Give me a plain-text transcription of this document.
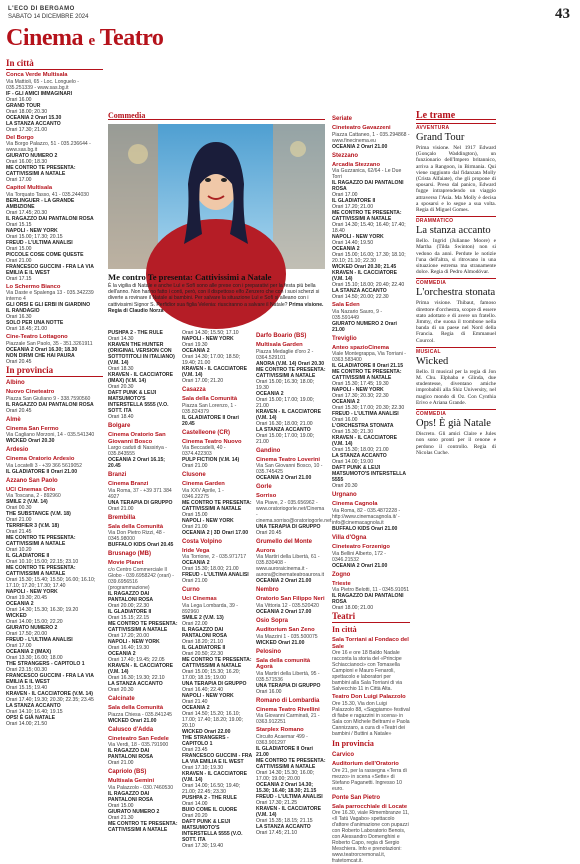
L'ECO DI BERGAMO
SABATO 14 DICEMBRE 2024	43
Cinema e Teatro
In città
Conca Verde Multisala
Via Mattioli, 65 - Loc. Longuelo - 035.251339 - www.sas.bg.it
IF - GLI AMICI IMMAGINARI
Orari 16.00
GRAND TOUR
Orari 18.00; 20.30
OCEANIA 2 Orari 15.30
LA STANZA ACCANTO
Orari 17.30; 21.00
Del Borgo
Via Borgo Palazzo, 51 - 035.236644 - www.sas.bg.it
GIURATO NUMERO 2
Orari 16.00; 18.30
ME CONTRO TE PRESENTA:
CATTIVISSIMI A NATALE
Orari 17.00
Capitol Multisala
Via Torquato Tasso, 41 - 035.244030
BERLINGUER - LA GRANDE AMBIZIONE
Orari 17.45; 20.30
IL RAGAZZO DAI PANTALONI ROSA
Orari 15.15
NAPOLI - NEW YORK
Orari 15.00; 17.30; 20.15
FREUD - L'ULTIMA ANALISI
Orari 15.00
PICCOLE COSE COME QUESTE
Orari 21.00
FRANCESCO GUCCINI - FRA LA VIA EMILIA E IL WEST
Orari 17.15
Lo Schermo Bianco
Via Daste e Spalenga 13 - 035.342239 interno 4
GLI ORSI E GLI ERBI IN GIARDINO
IL RANDAGIO
Orari 16.30
SOLO PER UNA NOTTE
Orari 18.45; 21.00
Cine-Teatro Lottagono
Piazzale San Paolo, 35 - 351.3261911
OCEANIA 2 Orari 16.30; 18.30
NON DIRMI CHE HAI PAURA
Orari 20.45
In provincia
Albino
Nuovo Cineteatro
Piazza San Giuliano 9 - 338.7590560
IL RAGAZZO DAI PANTALONI ROSA
Orari 20.45
Almè
Cinema San Fermo
Via Cagliano Morzoni, 14 - 035.541340
WICKED Orari 20.30
Ardesio
Cinema Oratorio Ardesio
Via Locatelli 3 - +39 366 5619052
IL GLADIATORE II Orari 21.00
Azzano San Paolo
UCI Cinemas Orio
Via Toscana, 2 - 892960
SMILE 2 (V.M. 14)
Orari 00.30
THE SUBSTANCE (V.M. 18)
Orari 21.00
TERRIFIER 3 (V.M. 18)
Orari 21.45
ME CONTRO TE PRESENTA: CATTIVISSIMI A NATALE
Orari 10.20
IL GLADIATORE II
Orari 10.10; 15.00; 22.15; 23.10
ME CONTRO TE PRESENTA: CATTIVISSIMI A NATALE
Orari 15.30; 15.40; 15.50; 16.00; 16.10; 17.10; 17.20; 17.30; 17.40
NAPOLI - NEW YORK
Orari 19.30; 20.45
OCEANIA 2
Orari 14.30; 15.30; 16.30; 19.20
WICKED
Orari 14.00; 15.00; 22.20
GIURATO NUMERO 2
Orari 17.50; 20.00
FREUD - L'ULTIMA ANALISI
Orari 17.00
OCEANIA 2 (IMAX)
Orari 13.30; 16.00; 18.00
THE STRANGERS - CAPITOLO 1
Orari 23.15; 00.30
FRANCESCO GUCCINI - FRA LA VIA EMILIA E IL WEST
Orari 15.15; 19.40
KRAVEN - IL CACCIATORE (V.M. 14)
Orari 17.40; 19.30; 20.30; 22.35; 23.45
LA STANZA ACCANTO
Orari 14.10; 16.40; 19.15
OPS! È GIÀ NATALE
Orari 14.00; 21.50
Commedia
Me contro Te presenta: Cattivissimi a Natale
È la vigilia di Natale e anche Luì e Sofì sono alle prese con i preparativi per la festa più bella dell'anno. Non hanno fatto i conti, però, con il dispettoso elfo Zenzero che con i suoi scherzi si diverte a rovinare il Natale ai bambini. Per salvare la situazione Luì e Sofì si alleano con i cattivissimi Signor S. Perfidior sua figlia Velenia: riusciranno a salvare il Natale? Prima visione. Regia di Claudio Norza
PUSHPA 2 - THE RULE
Orari 14.30
KRAVEN THE HUNTER (ORIGINAL VERSION CON SOTTOTITOLI IN ITALIANO) (V.M. 14)
Orari 18.30
KRAVEN - IL CACCIATORE (IMAX) (V.M. 14)
Orari 20.30
DAFT PUNK & LEIJI MATSUMOTO'S INTERSTELLA 5555 (V.O. SOTT. ITA
Orari 18.40
Bolgare
Cinema Oratorio San Giovanni Bosco
Largo caduti di Nassiriya - 035.843555
OCEANIA 2 Orari 16.15; 20.45
Branzi
Cinema Branzi
Via Roma, 37 - +39 371 384 4927
UNA TERAPIA DI GRUPPO
Orari 21.00
Brembilla
Sala della Comunità
Via Don Pietro Rizzi, 48 - 0345.98000
BUFFALO KIDS Orari 20.45
Brusnago (MB)
Movie Planet
c/o Centro Commerciale Il Globo - 039.6958242 (orari) - 039.6956516 (programmazione)
IL RAGAZZO DAI PANTALONI ROSA
Orari 20.00; 22.30
IL GLADIATORE II
Orari 15.15; 22.15
ME CONTRO TE PRESENTA: CATTIVISSIMI A NATALE
Orari 17.20; 20.00
NAPOLI - NEW YORK
Orari 16.40; 19.30
OCEANIA 2
Orari 17.40; 19.45; 22.05
KRAVEN - IL CACCIATORE (V.M. 14)
Orari 16.30; 19.30; 22.10
LA STANZA ACCANTO
Orari 20.30
Calcinate
Sala della Comunità
Piazza Chiesa - 035.841245
WICKED Orari 21.00
Calusco d'Adda
Cineteatro San Fedele
Via Verdi, 18 - 035.791900
IL RAGAZZO DAI PANTALONI ROSA
Orari 21.00
Capriolo (BS)
Multisala Gemini
Via Palazzolo - 030.7460530
IL RAGAZZO DAI PANTALONI ROSA
Orari 15.00
GIURATO NUMERO 2
Orari 21.30
ME CONTRO TE PRESENTA: CATTIVISSIMI A NATALE
Orari 14.30; 15.50; 17.10
NAPOLI - NEW YORK
Orari 19.30
OCEANIA 2
Orari 14.30; 17.00; 18.50; 19.40; 21.00
KRAVEN - IL CACCIATORE (V.M. 14)
Orari 17.00; 21.20
Casazza
Sala della Comunità
Piazza San Lorenzo, 1 - 035.824379
IL GLADIATORE II Orari 20.45
Castelleone (CR)
Cinema Teatro Nuovo
Via Beccadelli, 40 - 0374.422303
PULP FICTION (V.M. 14)
Orari 21.00
Clusone
Cinema Garden
Via XXV Aprile, 1 - 0346.22275
ME CONTRO TE PRESENTA: CATTIVISSIMI A NATALE
Orari 15.00
NAPOLI - NEW YORK
Orari 21.00
OCEANIA 2 | 3D Orari 17.00
Costa Volpino
Iride Vega
Via Torrione, 2 - 035.971717
OCEANIA 2
Orari 15.30; 18.00; 21.00
FREUD - L'ULTIMA ANALISI
Orari 21.00
Curno
Uci Cinemas
Via Lega Lombarda, 39 - 892960
SMILE 2 (V.M. 13)
Orari 22.00
IL RAGAZZO DAI PANTALONI ROSA
Orari 18.20; 21.10
IL GLADIATORE II
Orari 20.50; 22.30
ME CONTRO TE PRESENTA: CATTIVISSIMI A NATALE
Orari 15.00; 15.30; 16.20; 17.00; 18.15; 19.00
UNA TERAPIA DI GRUPPO
Orari 16.40; 22.40
NAPOLI - NEW YORK
Orari 21.40
OCEANIA 2
Orari 14.50; 15.20; 16.10; 17.00; 17.40; 18.20; 19.00; 20.10
WICKED Orari 22.00
THE STRANGERS - CAPITOLO 1
Orari 23.45
FRANCESCO GUCCINI - FRA LA VIA EMILIA E IL WEST
Orari 17.10; 19.30
KRAVEN - IL CACCIATORE (V.M. 14)
Orari 14.00; 16.50; 19.40; 21.00; 22.45; 23.30
PUSHPA 2 - THE RULE
Orari 14.00
BUIO COME IL CUORE
Orari 20.20
DAFT PUNK & LEIJI MATSUMOTO'S INTERSTELLA 5555 (V.O. SOTT. ITA
Orari 17.30; 19.40
Darfo Boario (BS)
Multisala Garden
Piazza Medaglie d'oro 2 - 0364.529101
ANORA (V.M. 14) Orari 20.30
ME CONTRO TE PRESENTA: CATTIVISSIMI A NATALE
Orari 15.00; 16.30; 18.00; 19.30
OCEANIA 2
Orari 15.00; 17.00; 19.00; 21.00
KRAVEN - IL CACCIATORE (V.M. 14)
Orari 16.30; 18.00; 21.00
LA STANZA ACCANTO
Orari 15.00; 17.00; 19.00; 21.00
Gandino
Cinema Teatro Loverini
Via San Giovanni Bosco, 10 - 035.745425
OCEANIA 2 Orari 21.00
Gorle
Sorriso
Via Piave, 2 - 035.656962 - www.oratoriogorle.net/Cinema - cinema.sorriso@oratoriogorle.net
UNA TERAPIA DI GRUPPO
Orari 20.45
Grumello del Monte
Aurora
Via Martiri della Libertà, 61 - 035.830408 - www.auroraicinema.it - aurora@cinemateatroaurora.it
OCEANIA 2 Orari 21.00
Nembro
Oratorio San Filippo Neri
Via Vittoria 12 - 035.520420
OCEANIA 2 Orari 17.00
Osio Sopra
Auditorium San Zeno
Via Mazzini 1 - 035.500075
WICKED Orari 21.00
Pelosino
Sala della comunità Agorà
Via Martiri della Libertà, 95 - 035.571536
UNA TERAPIA DI GRUPPO
Orari 16.00
Romano di Lombardia
Cinema Teatro Rivellini
Via Giovanni Carminati, 21 - 0363.912251
Starplex Romano
Circuito Acaemar 499 - 0363.901297
IL GLADIATORE II Orari 21.00
ME CONTRO TE PRESENTA: CATTIVISSIMI A NATALE
Orari 14.30; 15.30; 16.00; 17.00; 19.00; 20.00
OCEANIA 2 Orari 14.30; 15.30; 16.40; 18.30; 21.15
FREUD - L'ULTIMA ANALISI
Orari 17.30; 21.25
KRAVEN - IL CACCIATORE (V.M. 14)
Orari 15.35; 18.15; 21.15
LA STANZA ACCANTO
Orari 17.45; 21.10
Seriate
Cineteatro Gavazzeni
Piazza Cattaneo, 1 - 035.294868 - www.finecinema.eu
OCEANIA 2 Orari 21.00
Stezzano
Arcadia Stezzano
Via Guzzanica, 62/64 - Le Due Torri
IL RAGAZZO DAI PANTALONI ROSA
Orari 17.00
IL GLADIATORE II
Orari 17.20; 21.00
ME CONTRO TE PRESENTA: CATTIVISSIMI A NATALE
Orari 14.30; 15.40; 16.40; 17.40; 18.40
NAPOLI - NEW YORK
Orari 14.40; 19.50
OCEANIA 2
Orari 15.00; 16.00; 17.30; 18.10; 20.10; 21.10; 22.30
WICKED Orari 20.30; 21.45
KRAVEN - IL CACCIATORE (V.M. 14)
Orari 15.10; 18.00; 20.40; 22.40
LA STANZA ACCANTO
Orari 14.50; 20.00; 22.30
Sala Eden
Via Nazario Sauro, 9 - 035.591449
GIURATO NUMERO 2 Orari 21.00
Treviglio
Anteo spazioCinema
Viale Montegrappa, Via Torriani - 0363.583400
IL GLADIATORE II Orari 21.15
ME CONTRO TE PRESENTA: CATTIVISSIMI A NATALE
Orari 15.30; 17.45; 19.30
NAPOLI - NEW YORK
Orari 17.30; 20.30; 22.30
OCEANIA 2
Orari 15.30; 17.00; 20.30; 22.30
FREUD - L'ULTIMA ANALISI
Orari 16.00
L'ORCHESTRA STONATA
Orari 15.30; 21.30
KRAVEN - IL CACCIATORE (V.M. 14)
Orari 15.30; 18.00; 21.00
LA STANZA ACCANTO
Orari 14.00; 19.00
DAFT PUNK & LEIJI MATSUMOTO'S INTERSTELLA 5555
Orari 20.30
Urgnano
Cinema Cagnola
Via Roma, 82 - 035.4872228 - http://www.cinemacagnola.it/ - info@cinemacagnola.it
BUFFALO KIDS Orari 21.00
Villa d'Ogna
Cineteatro Forzenigo
Via Bellini Alberto, 172 - 0346.21532
OCEANIA 2 Orari 21.00
Zogno
Trieste
Via Pietro Belotti, 11 - 0345.91051
IL RAGAZZO DAI PANTALONI ROSA
Orari 18.00; 21.00
Teatri
In città
Sala Torriani al Fondaco del Sale
Ore 16 e ore 18 Baldo Nadale racconta la storia del «Principe Schiaccianoci» con Tomasella Campioni e Mauro Fenaroli, spettacolo e laboratori per bambini alla Sala Torriani di via Salvecchio 11 in Città Alta.
Teatro Don Luigi Palazzolo
Ore 15.30, Via don Luigi Palazzolo 88, «Saggiamo» festival di fiabe e ragazzini in scena» in Sala con Michele Beltrami e Paola Cannizzaro, a cura di «Teatri dei bambini / Buttini a Natale»
In provincia
Carvico
Auditorium dell'Oratorio
Ore 21, per la rassegna «Terra di mezzo» in scena «Sette» di Stefano Paganetti. Ingresso 10 euro.
Ponte San Pietro
Sala parrocchiale di Locate
Ore 16.30, viale Rimembranze 11, «Il Tatù Vagabo» spettacolo d'attore d'animazione con pupazzi con Roberto Laboratorio Benois, con Alessandro Domenghini e Roberto Capo, regia di Sergio Meschiera. Info e prenotazioni: www.teatrorcremonal.it, fratetomcat.it.
Le trame
AVVENTURA
Grand Tour
Prima visione. Nel 1917 Edward (Gonçalo Waddington), un funzionario dell'Impero britannico, arriva a Rangoon, in Birmania. Qui viene raggiunto dal fidanzata Molly (Crista Alfaiate), che gli propone di sposarsi. Preso dal panico, Edward fugge intraprendendo un viaggio attraverso l'Asia. Ma Molly è decisa a sposarsi e lo segue a sua volta. Regia di Miguel Gomes.
DRAMMATICO
La stanza accanto
Bello. Ingrid (Julianne Moore) e Martha (Tilda Swinton) non si vedono da anni. Perdute le notizie l'una dell'altra, si ritrovano in una situazione estrema ma stranamente dolce. Regia di Pedro Almodóvar.
COMMEDIA
L'orchestra stonata
Prima visione. Thibaut, famoso direttore d'orchestra, scopre di essere stato adottato e di avere un fratello. Jimmy, che suona il trombone nella banda di un paese nel Nord della Francia. Regia di Emmanuel Courcol.
MUSICAL
Wicked
Bello. Il musical per la regia di Jon M. Chu. Elphaba e Glinda, due studentesse, diventano amiche improbabili alla Shiz University, nel magico mondo di Oz. Con Cynthia Erivo e Ariana Grande.
COMMEDIA
Ops! È già Natale
Discreto. Gli amici Claire e Jules non sono pronti per il cenone e perdono il controllo. Regia di Nicolas Cuche.
